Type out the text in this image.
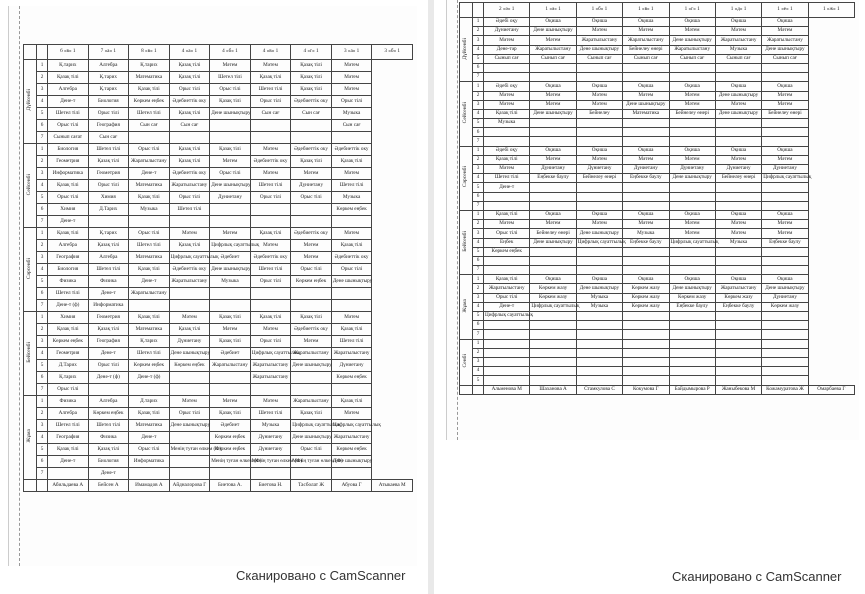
		6 «в» 1	7 «а» 1	8 «в» 1	4 «а» 1	4 «б» 1	4 «в» 1	4 «г» 1	3 «а» 1	3 «б» 1
Дүйсенбі	1	Қ.тарих	Алгебра	Қ.тарих	Қазақ тілі	Мәтем	Мәтем	Қазақ тілі	Мәтем	
	2	Қазақ тілі	Қ.тарих	Математика	Қазақ тілі	Шетел тілі	Қазақ тілі	Қазақ тілі	Мәтем	
	3	Алгебра	Қ.тарих	Қазақ тілі	Орыс тілі	Орыс тілі	Шетел тілі	Қазақ тілі	Мәтем	
	4	Дене-т	Биология	Көркем еңбек	Әдебиеттік оку	Қазақ тілі	Орыс тілі	Әдебиеттік оку	Орыс тілі	
	5	Шетел тілі	Орыс тілі	Шетел тілі	Қазақ тілі	Дене шынықтыру	Сын сағ	Сын сағ	Музыка	
	6	Орыс тілі	География	Сын сағ	Сын сағ				Сын сағ	
	7	Сынып сағат	Сын сағ							
Сейсенбі	1	Биология	Шетел тілі	Орыс тілі	Қазақ тілі	Қазақ тілі	Мәтем	Әдебиеттік оку	Әдебиеттік оку	
	2	Геометрия	Қазақ тілі	Жаратылыстану	Қазақ тілі	Мәтем	Әдебиеттік оку	Қазақ тілі	Қазақ тілі	
	3	Информатика	Геометрия	Дене-т	Әдебиеттік оку	Орыс тілі	Мәтем	Мәтем	Мәтем	
	4	Қазақ тілі	Орыс тілі	Математика	Жаратылыстану	Дене шынықтыру	Шетел тілі	Дүниетану	Шетел тілі	
	5	Орыс тілі	Химия	Қазақ тілі	Орыс тілі	Дүниетану	Орыс тілі	Орыс тілі	Музыка	
	6	Химия	Д.Тарих	Музыка	Шетел тілі				Көркем еңбек	
	7	Дене-т								
Сәрсенбі	1	Қазақ тілі	Қ.тарих	Орыс тілі	Мәтем	Мәтем	Қазақ тілі	Әдебиеттік оку	Мәтем	
	2	Алгебра	Қазақ тілі	Шетел тілі	Қазақ тілі	Цифрлық сауаттылық	Мәтем	Мәтем	Қазақ тілі	
	3	География	Алгебра	Математика	Цифрлық сауаттылық	Әдебиет	Әдебиеттік оку	Мәтем	Әдебиеттік оку	
	4	Биология	Шетел тілі	Қазақ тілі	Әдебиеттік оку	Дене шынықтыру	Шетел тілі	Орыс тілі	Орыс тілі	
	5	Физика	Физика	Дене-т	Жаратылыстану	Музыка	Орыс тілі	Көркем еңбек	Дене шынықтыру	
	6	Шетел тілі	Дене-т	Жаратылыстану						
	7	Дене-т (ф)	Информатика							
Бейсенбі	1	Химия	Геометрия	Қазақ тілі	Мәтем	Қазақ тілі	Қазақ тілі	Қазақ тілі	Мәтем	
	2	Қазақ тілі	Қазақ тілі	Математика	Қазақ тілі	Мәтем	Мәтем	Әдебиеттік оку	Қазақ тілі	
	3	Көркем еңбек	География	Қ.тарих	Дүниетану	Қазақ тілі	Орыс тілі	Мәтем	Шетел тілі	
	4	Геометрия	Дене-т	Шетел тілі	Дене шынықтыру	Әдебиет	Цифрлық сауаттылық	Жаратылыстану	Жаратылыстану	
	5	Д.Тарих	Орыс тілі	Көркем еңбек	Көркем еңбек	Жаратылыстану	Жаратылыстану	Дене шынықтыру	Дүниетану	
	6	Қ.тарих	Дене-т (ф)	Дене-т (ф)			Жаратылыстану		Көркем еңбек	
	7	Орыс тілі								
Жұма	1	Физика	Алгебра	Д.тарих	Мәтем	Мәтем	Мәтем	Жаратылыстану	Қазақ тілі	
	2	Алгебра	Көркем еңбек	Қазақ тілі	Орыс тілі	Қазақ тілі	Шетел тілі	Қазақ тілі	Мәтем	
	3	Шетел тілі	Шетел тілі	Математика	Дене шынықтыру	Әдебиет	Музыка	Цифрлық сауаттылық	Цифрлық сауаттылық	
	4	География	Физика	Дене-т		Көркем еңбек	Дүниетану	Дене шынықтыру	Жаратылыстану	
	5	Қазақ тілі	Қазақ тілі	Орыс тілі	Менің туған өлкем (Ф)	Көркем еңбек	Дүниетану	Орыс тілі	Көркем еңбек	
	6	Дене-т	Биология	Информатика		Менің туған өлкем (Ф)	Менің туған өлкем (Ф)	Менің туған өлкем (Ф)	Дене шынықтыру	
	7		Дене-т							
		Абильдаева А	Бейсен А	Имамадов А	Айдналорова Г	Биетова А.	Биетова Н.	Тасболат Ж	Абуова Г	Атыкаева М
		2 «ә» 1	1 «ә» 1	1 «б» 1	1 «в» 1	1 «г» 1	1 «д» 1	1 «е» 1	1 «ж» 1
Дүйсенбі	1	Әдебі оқу	Оқиша	Оқиша	Оқиша	Оқиша	Оқиша	Оқиша	
	2	Дүниетану	Дене шынықтыру	Мәтем	Мәтем	Мәтем	Мәтем	Мәтем	
	3	Мәтем	Мәтем	Жаратылыстану	Жаратылыстану	Дене шынықтыру	Жаратылыстану	Жаратылыстану	
	4	Дене-тәр	Жаратылыстану	Дене шынықтыру	Бейнелеу өнері	Жаратылыстану	Музыка	Дене шынықтыру	
	5	Сынып сағ	Сынып сағ	Сынып сағ	Сынып сағ	Сынып сағ	Сынып сағ	Сынып сағ	
	6								
	7								
Сейсенбі	1	Әдебі оқу	Оқиша	Оқиша	Оқиша	Оқиша	Оқиша	Оқиша	
	2	Мәтем	Мәтем	Мәтем	Мәтем	Мәтем	Дене шынықтыру	Мәтем	
	3	Мәтем	Мәтем	Мәтем	Дене шынықтыру	Мәтем	Мәтем	Мәтем	
	4	Қазақ тілі	Дене шынықтыру	Бейнелеу	Математика	Бейнелеу өнері	Дене шынықтыру	Бейнелеу өнері	
	5	Музыка							
	6								
	7								
Сәрсенбі	1	Әдебі оқу	Оқиша	Оқиша	Оқиша	Оқиша	Оқиша	Оқиша	
	2	Қазақ тілі	Мәтем	Мәтем	Мәтем	Мәтем	Мәтем	Мәтем	
	3	Мәтем	Дүниетану	Дүниетану	Дүниетану	Дүниетану	Дүниетану	Дүниетану	
	4	Шетел тілі	Еңбекке баулу	Бейнелеу өнері	Еңбекке баулу	Дене шынықтыру	Бейнелеу өнері	Цифрлық сауаттылық	
	5	Дене-т							
	6								
	7								
Бейсенбі	1	Қазақ тілі	Оқиша	Оқиша	Оқиша	Оқиша	Оқиша	Оқиша	
	2	Мәтем	Мәтем	Мәтем	Мәтем	Мәтем	Мәтем	Мәтем	
	3	Орыс тілі	Бейнелеу өнері	Дене шынықтыру	Музыка	Мәтем	Мәтем	Мәтем	
	4	Еңбек	Дене шынықтыру	Цифрлық сауаттылық	Еңбекке баулу	Цифрлық сауаттылық	Музыка	Еңбекке баулу	
	5	Көркем еңбек							
	6								
	7								
Жұма	1	Қазақ тілі	Оқиша	Оқиша	Оқиша	Оқиша	Оқиша	Оқиша	
	2	Жаратылыстану	Көркем жазу	Дене шынықтыру	Көркем жазу	Дене шынықтыру	Жаратылыстану	Дене шынықтыру	
	3	Орыс тілі	Көркем жазу	Музыка	Көркем жазу	Көркем жазу	Көркем жазу	Дүниетану	
	4	Дене-т	Цифрлық сауаттылық	Музыка	Көркем жазу	Еңбекке баулу	Еңбекке баулу	Көркем жазу	
	5	Цифрлық сауаттылық							
	6								
	7								
Сенбі	1								
	2								
	3								
	4								
	5								
		Альменова М	Шаханова А	Стамкулова С	Кокумова Г	Байдымырова Р	Жаныбекова М	Кожамуратова Ж	Омарбаева Г
Сканировано с CamScanner	Сканировано с CamScanner
